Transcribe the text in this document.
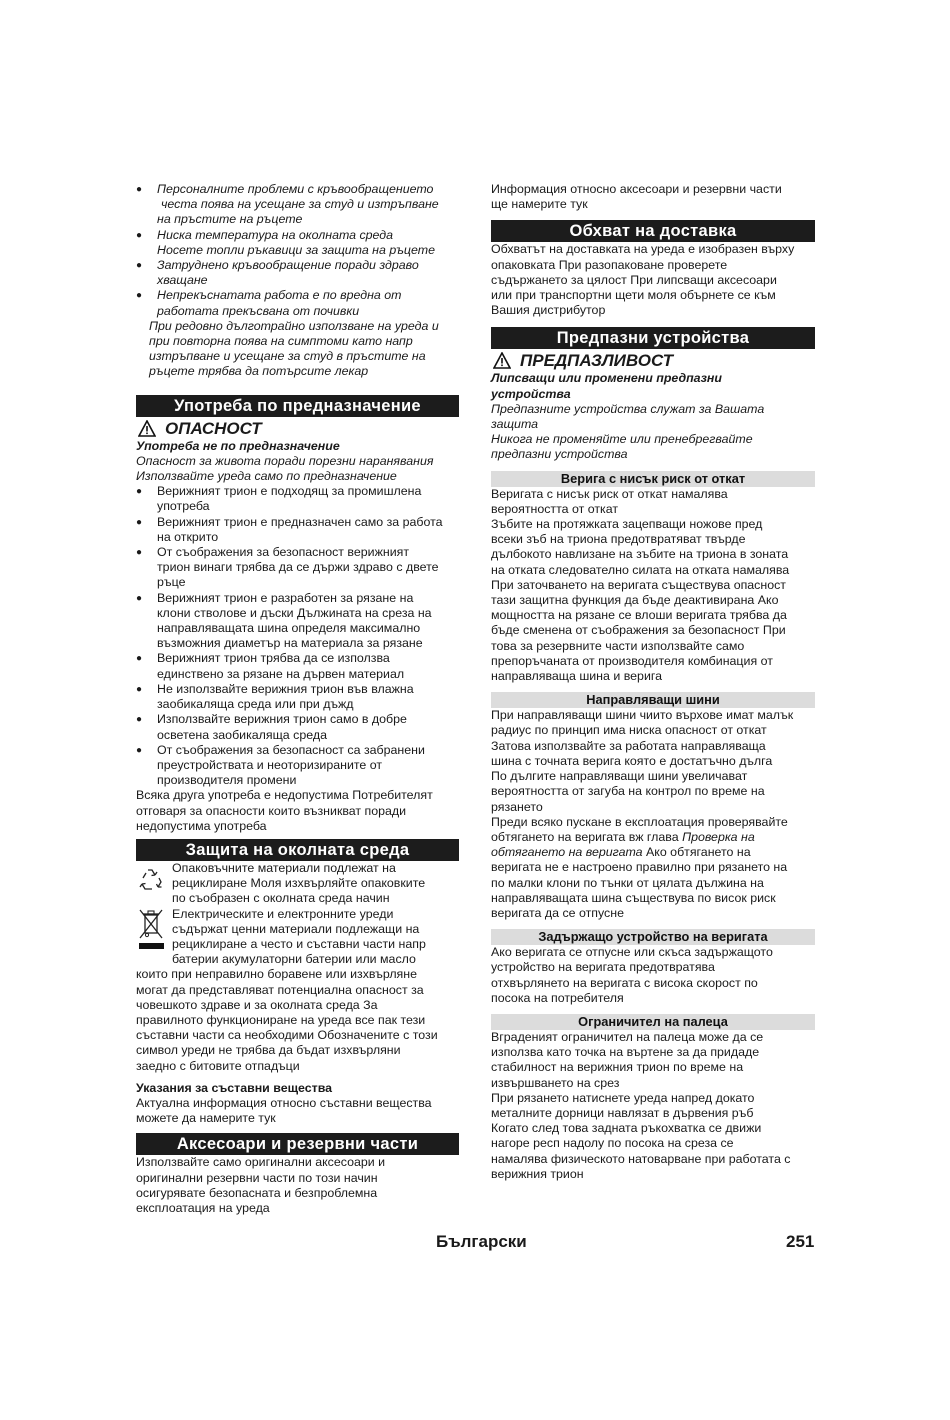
● Персоналните проблеми с кръвообращението

честа поява на усещане за студ и изтръпване

на пръстите на ръцете

● Ниска температура на околната среда

Носете топли ръкавици за защита на ръцете

● Затруднено кръвообращение поради здраво

хващане

● Непрекъснатата работа е по вредна от

работата прекъсвана от почивки

При редовно дълготрайно използване на уреда и

при повторна поява на симптоми като напр

изтръпване и усещане за студ в пръстите на

ръцете трябва да потърсите лекар

Употреба по предназначение
ОПАСНОСТ

Употреба не по предназначение

Опасност за живота поради порезни наранявания

Използвайте уреда само по предназначение

● Верижният трион е подходящ за промишлена

употреба

● Верижният трион е предназначен само за работа

на открито

● От съображения за безопасност верижният

трион винаги трябва да се държи здраво с двете

ръце

● Верижният трион е разработен за рязане на

клони стволове и дъски Дължината на среза на

направляващата шина определя максимално

възможния диаметър на материала за рязане

● Верижният трион трябва да се използва

единствено за рязане на дървен материал

● Не използвайте верижния трион във влажна

заобикаляща среда или при дъжд

● Използвайте верижния трион само в добре

осветена заобикаляща среда

● От съображения за безопасност са забранени

преустройствата и неоторизираните от

производителя промени

Всяка друга употреба е недопустима Потребителят

отговаря за опасности които възникват поради

недопустима употреба

Защита на околната среда

Опаковъчните материали подлежат на

рециклиране Моля изхвърляйте опаковките

по съобразен с околната среда начин

Електрическите и електронните уреди

съдържат ценни материали подлежащи на

рециклиране а често и съставни части напр

батерии акумулаторни батерии или масло

които при неправилно боравене или изхвърляне

могат да представляват потенциална опасност за

човешкото здраве и за околната среда За

правилното функциониране на уреда все пак тези

съставни части са необходими Обозначените с този

символ уреди не трябва да бъдат изхвърляни

заедно с битовите отпадъци

Указания за съставни вещества

Актуална информация относно съставни вещества

можете да намерите тук

Аксесоари и резервни части

Използвайте само оригинални аксесоари и

оригинални резервни части по този начин

осигурявате безопасната и безпроблемна

експлоатация на уреда

Информация относно аксесоари и резервни части

ще намерите тук

Обхват на доставка

Обхватът на доставката на уреда е изобразен върху

опаковката При разопаковане проверете

съдържането за цялост При липсващи аксесоари

или при транспортни щети моля обърнете се към

Вашия дистрибутор

Предпазни устройства
ПРЕДПАЗЛИВОСТ

Липсващи или променени предпазни

устройства

Предпазните устройства служат за Вашата

защита

Никога не променяйте или пренебрегвайте

предпазни устройства

Верига с нисък риск от откат

Веригата с нисък риск от откат намалява

вероятността от откат

Зъбите на протяжката зацепващи ножове пред

всеки зъб на триона предотвратяват твърде

дълбокото навлизане на зъбите на триона в зоната

на отката следователно силата на отката намалява

При заточването на веригата съществува опасност

тази защитна функция да бъде деактивирана Ако

мощността на рязане се влоши веригата трябва да

бъде сменена от съображения за безопасност При

това за резервните части използвайте само

препоръчаната от производителя комбинация от

направляваща шина и верига

Направляващи шини

При направляващи шини чиито върхове имат малък

радиус по принцип има ниска опасност от откат

Затова използвайте за работата направляваща

шина с точната верига която е достатъчно дълга

По дългите направляващи шини увеличават

вероятността от загуба на контрол по време на

рязането

Преди всяко пускане в експлоатация проверявайте

обтягането на веригата вж глава Проверка на

обтягането на веригата Ако обтягането на

веригата не е настроено правилно при рязането на

по малки клони по тънки от цялата дължина на

направляващата шина съществува по висок риск

веригата да се отпусне

Задържащо устройство на веригата

Ако веригата се отпусне или скъса задържащото

устройство на веригата предотвратява

отхвърлянето на веригата с висока скорост по

посока на потребителя

Ограничител на палеца

Вграденият ограничител на палеца може да се

използва като точка на въртене за да придаде

стабилност на верижния трион по време на

извършването на срез

При рязането натиснете уреда напред докато

металните дорници навлязат в дървения ръб

Когато след това задната ръкохватка се движи

нагоре респ надолу по посока на среза се

намалява физическото натоварване при работата с

верижния трион

Български	251
